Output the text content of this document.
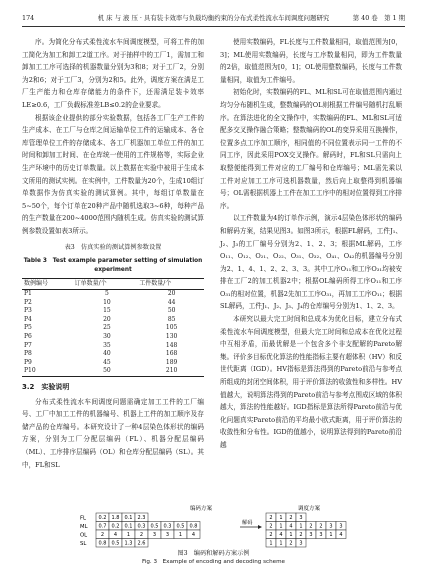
174	机 床 与 液 压 · 具有装卡效率与负载均衡约束的分布式柔性流水车间调度问题研究	第 40 卷　第 1 期

序。为简化分布式柔性流水车间调度模型，可将工件的加工简化为加工和卸工2道工序。对于抽样中的工厂1，需加工和卸加工工序可选择的机器数量分别为3和8；对于工厂2，分别为2和6；对于工厂3，分别为2和5。此外，调度方案在满足工厂生产能力和仓库存储能力的条件下，还需满足装卡效率LE≥0.6，工厂负载标准差LB≤0.2的企业要求。

根据该企业提供的部分实验数据，包括各工厂生产工件的生产成本、在工厂与仓库之间运输单位工件的运输成本、各仓库管理单位工件的存储成本、各工厂机器加工单位工件的加工时间和卸加工时间、在仓库统一使用的工件规格等，实际企业生产环境中的历史订单数量。以上数据在实验中被用于生成本文所用的测试实例。在实例中，工件数量为20个，生成10组订单数据作为仿真实验的测试算例。其中，每组订单数量在5~50个，每个订单在20种产品中随机选取3~6种，每种产品的生产数量在200~4000范围内随机生成。仿真实验的测试算例参数设置如表3所示。

表3　仿真实验的测试算例参数设置
Table 3　Test example parameter setting of simulation experiment
数例编号	订单数量/个	工件数量/个
P1	5	20
P2	10	44
P3	15	50
P4	20	85
P5	25	105
P6	30	130
P7	35	148
P8	40	168
P9	45	189
P10	50	210
3.2　实验说明

分布式柔性流水车间调度问题需确定加工工件的工厂编号、工厂中加工工件的机器编号、机器上工件的加工顺序及存储产品的仓库编号。本研究设计了一种4层染色体形状的编码方案，分别为工厂分配层编码（FL）、机器分配层编码（ML）、工序排序层编码（OL）和仓库分配层编码（SL）。其中，FL和SL

使用实数编码，FL长度与工件数量相同，取值范围为[0，3]；ML使用实数编码，长度与工序数量相同，即为工件数量的2倍，取值范围为[0，1]；OL使用整数编码，长度与工件数量相同，取值为工件编号。

初始化时，实数编码的FL、ML和SL可在取值范围内通过均匀分布随机生成，整数编码的OL则根据工件编号随机打乱顺序。在算法进化的全文操作中，实数编码的FL、ML和SL可适配多交叉操作融合策略；整数编码的OL的变异采用互换操作，位置多点工序加工顺序，相同值的不同位置表示同一工件的不同工序，因此采用POX交叉操作。解码时，FL和SL只需向上取整便能得到工件对应的工厂编号和仓库编号；ML需先乘以工件对应加工工序可选机器数量，然后向上取整得到机器编号；OL需根据机器上工件在加工工序中的相对位置得到工序排序。

以工件数量为4的订单作示例，演示4层染色体形状的编码和解码方案，结果见图3。如图3所示，根据FL解码，工件J₁、J₂、J₃的工厂编号分别为2、1、2、3；根据ML解码，工序O₁₁、O₁₂、O₂₁、O₂₂、O₃₁、O₃₂、O₄₁、O₄₂的机器编号分别为2、1、4、1、2、2、3、3。其中工序O₁₁和工序O₃₁均被安排在工厂2的加工机器2中；根据OL编码所得工序O₁₁和工序O₃₁的相对位置，机器2先加工工序O₃₁，再加工工序O₁₁；根据SL解码，工件J₁、J₂、J₃、J₄的仓库编号分别为1、1、2、3。

本研究以最大完工时间和总成本为优化目标，建立分布式柔性流水车间调度模型，但最大完工时间和总成本在优化过程中互相矛盾，而最优解是一个包含多个非支配解的Pareto解集。评价多目标优化算法的性能指标主要有超体积（HV）和反世代距离（IGD）。HV指标是算法得到的Pareto前沿与参考点所组成的封闭空间体积，用于评价算法的收敛性和多样性。HV值越大，说明算法得到的Pareto前沿与参考点围成区域的体积越大，算法的性能越好。IGD指标是算法所得Pareto前沿与优化问题真实Pareto前沿的平均最小欧式距离，用于评价算法的收敛性和分布性。IGD的值越小，说明算法得到的Pareto前沿越

FL	0.2 1.8 0.1 2.3
ML 0.7 0.2 0.1 0.3 0.5 0.3 0.5 0.8
OL	2 4 1 2 3 3 1 4
SL 0.8 0.5 1.3 2.6
编码方案
解码
2 1 2 3
2 1 4 1 2 2 3 3
2 4 1 2 3 3 1 4
1 1 2 3
调度方案
图3　编码和解码方案示例
Fig. 3　Example of encoding and decoding scheme
